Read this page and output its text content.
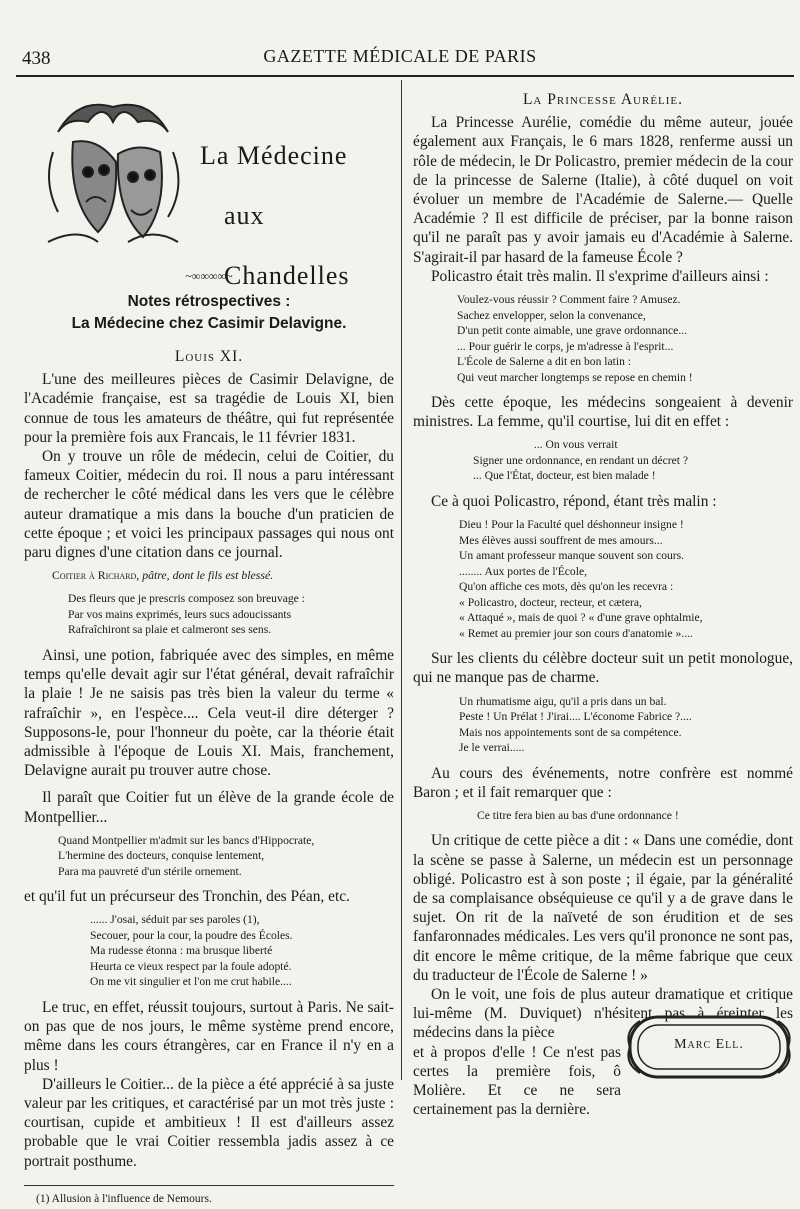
438	GAZETTE MÉDICALE DE PARIS
La Médecine
aux Chandelles
~∞∞∞∞~
Notes rétrospectives :
La Médecine chez Casimir Delavigne.
Louis XI.

L'une des meilleures pièces de Casimir Delavigne, de l'Académie française, est sa tragédie de Louis XI, bien connue de tous les amateurs de théâtre, qui fut représentée pour la première fois aux Francais, le 11 février 1831.

On y trouve un rôle de médecin, celui de Coitier, du fameux Coitier, médecin du roi. Il nous a paru intéressant de rechercher le côté médical dans les vers que le célèbre auteur dramatique a mis dans la bouche d'un praticien de cette époque ; et voici les principaux passages qui nous ont paru dignes d'une citation dans ce journal.

Coitier à Richard, pâtre, dont le fils est blessé.
Des fleurs que je prescris composez son breuvage :
Par vos mains exprimés, leurs sucs adoucissants
Rafraîchiront sa plaie et calmeront ses sens.

Ainsi, une potion, fabriquée avec des simples, en même temps qu'elle devait agir sur l'état général, devait rafraîchir la plaie ! Je ne saisis pas très bien la valeur du terme « rafraîchir », en l'espèce.... Cela veut-il dire déterger ? Supposons-le, pour l'honneur du poète, car la théorie était admissible à l'époque de Louis XI. Mais, franchement, Delavigne aurait pu trouver autre chose.

Il paraît que Coitier fut un élève de la grande école de Montpellier...

Quand Montpellier m'admit sur les bancs d'Hippocrate,
L'hermine des docteurs, conquise lentement,
Para ma pauvreté d'un stérile ornement.

et qu'il fut un précurseur des Tronchin, des Péan, etc.

...... J'osai, séduit par ses paroles (1),
Secouer, pour la cour, la poudre des Écoles.
Ma rudesse étonna : ma brusque liberté
Heurta ce vieux respect par la foule adopté.
On me vit singulier et l'on me crut habile....

Le truc, en effet, réussit toujours, surtout à Paris. Ne sait-on pas que de nos jours, le même système prend encore, même dans les cours étrangères, car en France il n'y en a plus !

D'ailleurs le Coitier... de la pièce a été apprécié à sa juste valeur par les critiques, et caractérisé par un mot très juste : courtisan, cupide et ambitieux ! Il est d'ailleurs assez probable que le vrai Coitier ressembla jadis assez à ce portrait posthume.

(1) Allusion à l'influence de Nemours.
La Princesse Aurélie.

La Princesse Aurélie, comédie du même auteur, jouée également aux Français, le 6 mars 1828, renferme aussi un rôle de médecin, le Dr Policastro, premier médecin de la cour de la princesse de Salerne (Italie), à côté duquel on voit évoluer un membre de l'Académie de Salerne.— Quelle Académie ? Il est difficile de préciser, par la bonne raison qu'il ne paraît pas y avoir jamais eu d'Académie à Salerne. S'agirait-il par hasard de la fameuse École ?

Policastro était très malin. Il s'exprime d'ailleurs ainsi :

Voulez-vous réussir ? Comment faire ? Amusez.
Sachez envelopper, selon la convenance,
D'un petit conte aimable, une grave ordonnance...
... Pour guérir le corps, je m'adresse à l'esprit...
L'École de Salerne a dit en bon latin :
Qui veut marcher longtemps se repose en chemin !

Dès cette époque, les médecins songeaient à devenir ministres. La femme, qu'il courtise, lui dit en effet :

... On vous verrait
Signer une ordonnance, en rendant un décret ?
... Que l'État, docteur, est bien malade !

Ce à quoi Policastro, répond, étant très malin :

Dieu ! Pour la Faculté quel déshonneur insigne !
Mes élèves aussi souffrent de mes amours...
Un amant professeur manque souvent son cours.
........ Aux portes de l'École,
Qu'on affiche ces mots, dès qu'on les recevra :
« Policastro, docteur, recteur, et cætera,
« Attaqué », mais de quoi ? « d'une grave ophtalmie,
« Remet au premier jour son cours d'anatomie »....

Sur les clients du célèbre docteur suit un petit monologue, qui ne manque pas de charme.

Un rhumatisme aigu, qu'il a pris dans un bal.
Peste ! Un Prélat ! J'irai.... L'économe Fabrice ?....
Mais nos appointements sont de sa compétence.
Je le verrai.....

Au cours des événements, notre confrère est nommé Baron ; et il fait remarquer que :

Ce titre fera bien au bas d'une ordonnance !

Un critique de cette pièce a dit : « Dans une comédie, dont la scène se passe à Salerne, un médecin est un personnage obligé. Policastro est à son poste ; il égaie, par la généralité de sa complaisance obséquieuse ce qu'il y a de grave dans le sujet. On rit de la naïveté de son érudition et de ses fanfaronnades médicales. Les vers qu'il prononce ne sont pas, dit encore le même critique, de la même fabrique que ceux du traducteur de l'École de Salerne ! »

On le voit, une fois de plus auteur dramatique et critique lui-même (M. Duviquet) n'hésitent pas à éreinter les médecins dans la pièce

et à propos d'elle ! Ce n'est pas certes la première fois, ô Molière. Et ce ne sera certainement pas la dernière.

Marc Ell.
